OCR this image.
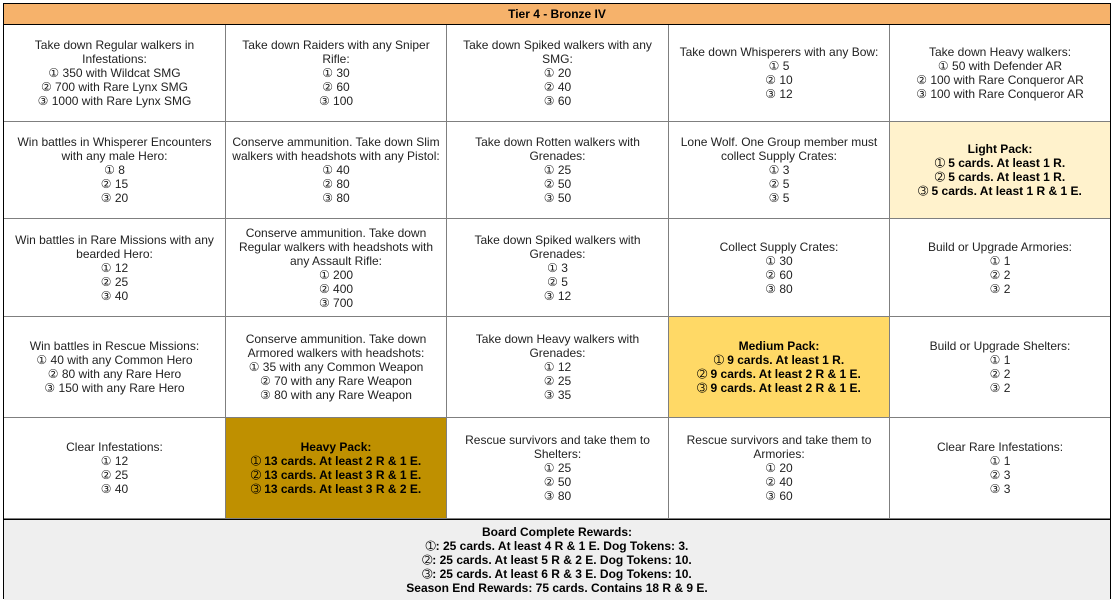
Tier 4 - Bronze IV
Take down Regular walkers in Infestations:
① 350 with Wildcat SMG
② 700 with Rare Lynx SMG
③ 1000 with Rare Lynx SMG
Take down Raiders with any Sniper Rifle:
① 30
② 60
③ 100
Take down Spiked walkers with any SMG:
① 20
② 40
③ 60
Take down Whisperers with any Bow:
① 5
② 10
③ 12
Take down Heavy walkers:
① 50 with Defender AR
② 100 with Rare Conqueror AR
③ 100 with Rare Conqueror AR
Win battles in Whisperer Encounters with any male Hero:
① 8
② 15
③ 20
Conserve ammunition. Take down Slim walkers with headshots with any Pistol:
① 40
② 80
③ 80
Take down Rotten walkers with Grenades:
① 25
② 50
③ 50
Lone Wolf. One Group member must collect Supply Crates:
① 3
② 5
③ 5
Light Pack:
➀ 5 cards. At least 1 R.
➁ 5 cards. At least 1 R.
➂ 5 cards. At least 1 R & 1 E.
Win battles in Rare Missions with any bearded Hero:
① 12
② 25
③ 40
Conserve ammunition. Take down Regular walkers with headshots with any Assault Rifle:
① 200
② 400
③ 700
Take down Spiked walkers with Grenades:
① 3
② 5
③ 12
Collect Supply Crates:
① 30
② 60
③ 80
Build or Upgrade Armories:
① 1
② 2
③ 2
Win battles in Rescue Missions:
① 40 with any Common Hero
② 80 with any Rare Hero
③ 150 with any Rare Hero
Conserve ammunition. Take down Armored walkers with headshots:
① 35 with any Common Weapon
② 70 with any Rare Weapon
③ 80 with any Rare Weapon
Take down Heavy walkers with Grenades:
① 12
② 25
③ 35
Medium Pack:
➀ 9 cards. At least 1 R.
➁ 9 cards. At least 2 R & 1 E.
➂ 9 cards. At least 2 R & 1 E.
Build or Upgrade Shelters:
① 1
② 2
③ 2
Clear Infestations:
① 12
② 25
③ 40
Heavy Pack:
➀ 13 cards. At least 2 R & 1 E.
➁ 13 cards. At least 3 R & 1 E.
➂ 13 cards. At least 3 R & 2 E.
Rescue survivors and take them to Shelters:
① 25
② 50
③ 80
Rescue survivors and take them to Armories:
① 20
② 40
③ 60
Clear Rare Infestations:
① 1
② 3
③ 3
Board Complete Rewards:
➀: 25 cards. At least 4 R & 1 E. Dog Tokens: 3.
➁: 25 cards. At least 5 R & 2 E. Dog Tokens: 10.
➂: 25 cards. At least 6 R & 3 E. Dog Tokens: 10.
Season End Rewards: 75 cards. Contains 18 R & 9 E.
